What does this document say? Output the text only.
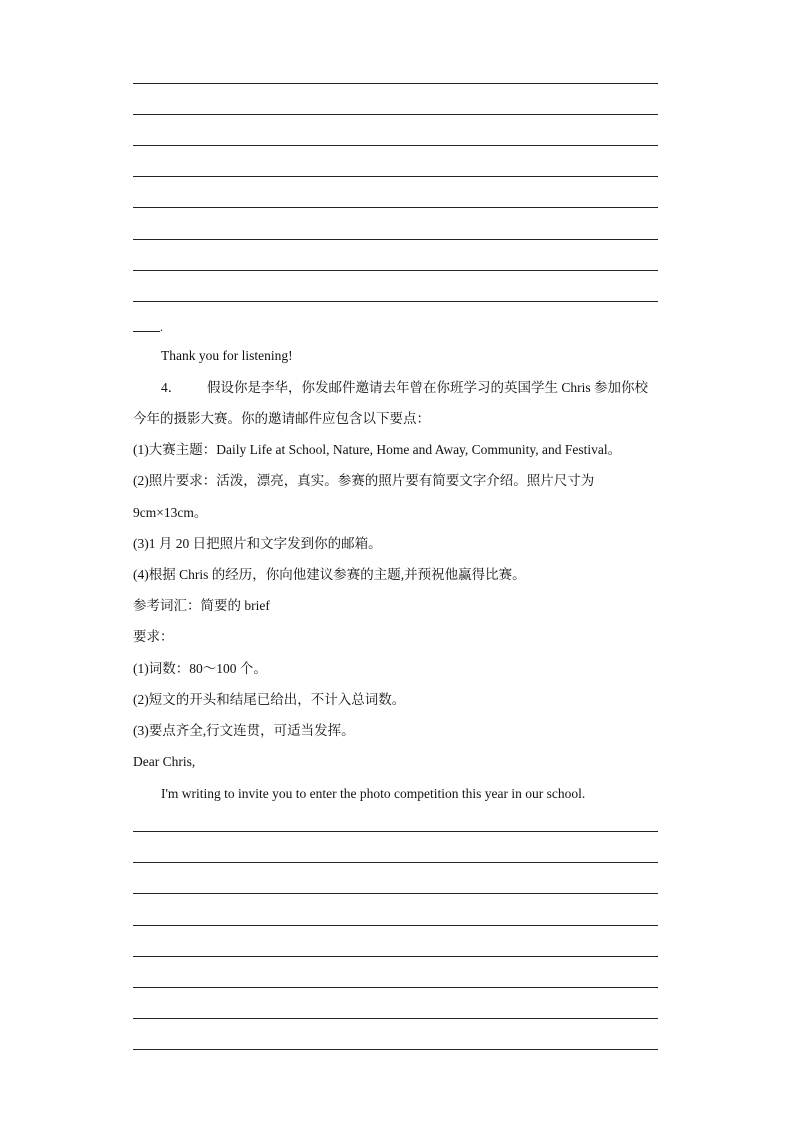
.
Thank you for listening!
4． 假设你是李华，你发邮件邀请去年曾在你班学习的英国学生 Chris 参加你校
今年的摄影大赛。你的邀请邮件应包含以下要点：
(1)大赛主题：Daily Life at School, Nature, Home and Away, Community, and Festival。
(2)照片要求：活泼，漂亮，真实。参赛的照片要有简要文字介绍。照片尺寸为
9cm×13cm。
(3)1 月 20 日把照片和文字发到你的邮箱。
(4)根据 Chris 的经历，你向他建议参赛的主题,并预祝他赢得比赛。
参考词汇：简要的 brief
要求：
(1)词数：80～100 个。
(2)短文的开头和结尾已给出，不计入总词数。
(3)要点齐全,行文连贯，可适当发挥。
Dear Chris,
I'm writing to invite you to enter the photo competition this year in our school.
